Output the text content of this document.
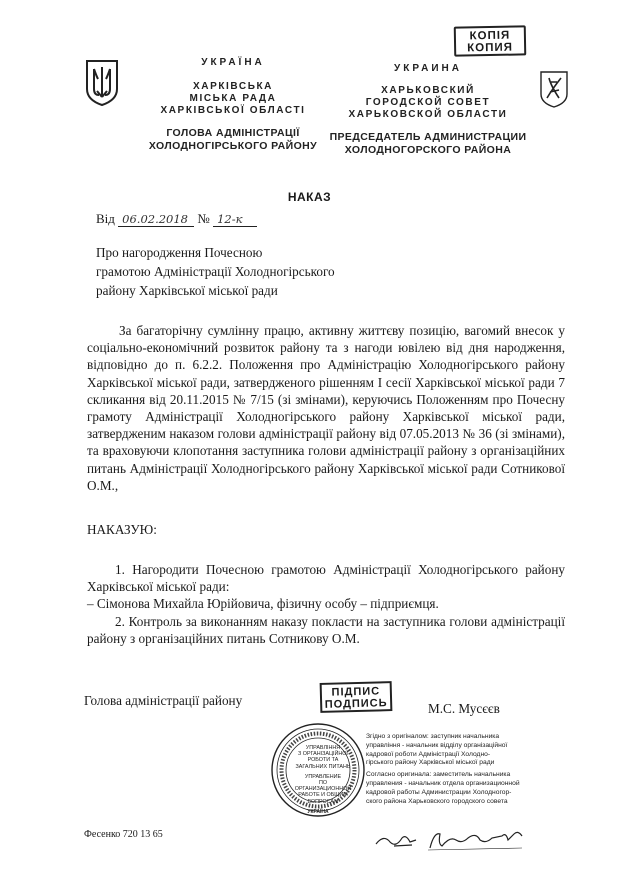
КОПІЯ
КОПИЯ
УКРАЇНА
ХАРКІВСЬКА
МІСЬКА РАДА
ХАРКІВСЬКОЇ ОБЛАСТІ
ГОЛОВА АДМІНІСТРАЦІЇ
ХОЛОДНОГІРСЬКОГО РАЙОНУ
УКРАИНА
ХАРЬКОВСКИЙ
ГОРОДСКОЙ СОВЕТ
ХАРЬКОВСКОЙ ОБЛАСТИ
ПРЕДСЕДАТЕЛЬ АДМИНИСТРАЦИИ
ХОЛОДНОГОРСКОГО РАЙОНА
НАКАЗ
Від 06.02.2018 № 12-к
Про нагородження Почесною
грамотою Адміністрації Холодногірського
району Харківської міської ради

За багаторічну сумлінну працю, активну життєву позицію, вагомий внесок у соціально-економічний розвиток району та з нагоди ювілею від дня народження, відповідно до п. 6.2.2. Положення про Адміністрацію Холодногірського району Харківської міської ради, затвердженого рішенням І сесії Харківської міської ради 7 скликання від 20.11.2015 № 7/15 (зі змінами), керуючись Положенням про Почесну грамоту Адміністрації Холодногірського району Харківської міської ради, затвердженим наказом голови адміністрації району від 07.05.2013 № 36 (зі змінами), та враховуючи клопотання заступника голови адміністрації району з організаційних питань Адміністрації Холодногірського району Харківської міської ради Сотникової О.М.,

НАКАЗУЮ:

1. Нагородити Почесною грамотою Адміністрації Холодногірського району Харківської міської ради:

– Сімонова Михайла Юрійовича, фізичну особу – підприємця.

2. Контроль за виконанням наказу покласти на заступника голови адміністрації району з організаційних питань Сотникову О.М.

Голова адміністрації району
ПІДПИС
ПОДПИСЬ	М.С. Мусєєв
УКРАЇНА
УПРАВЛІННЯ
З ОРГАНІЗАЦІЙНОЇ
РОБОТИ ТА
ЗАГАЛЬНИХ ПИТАНЬ
УПРАВЛЕНИЕ
ПО ОРГАНИЗАЦИОННОЙ
РАБОТЕ И ОБЩИМ
ВОПРОСАМ
Згідно з оригіналом: заступник начальника
управління - начальник відділу організаційної
кадрової роботи Адміністрації Холодно-
гірського району Харківської міської ради
Согласно оригинала: заместитель начальника
управления - начальник отдела организационной
кадровой работы Администрации Холодногор-
ского района Харьковского городского совета
Фесенко 720 13 65
